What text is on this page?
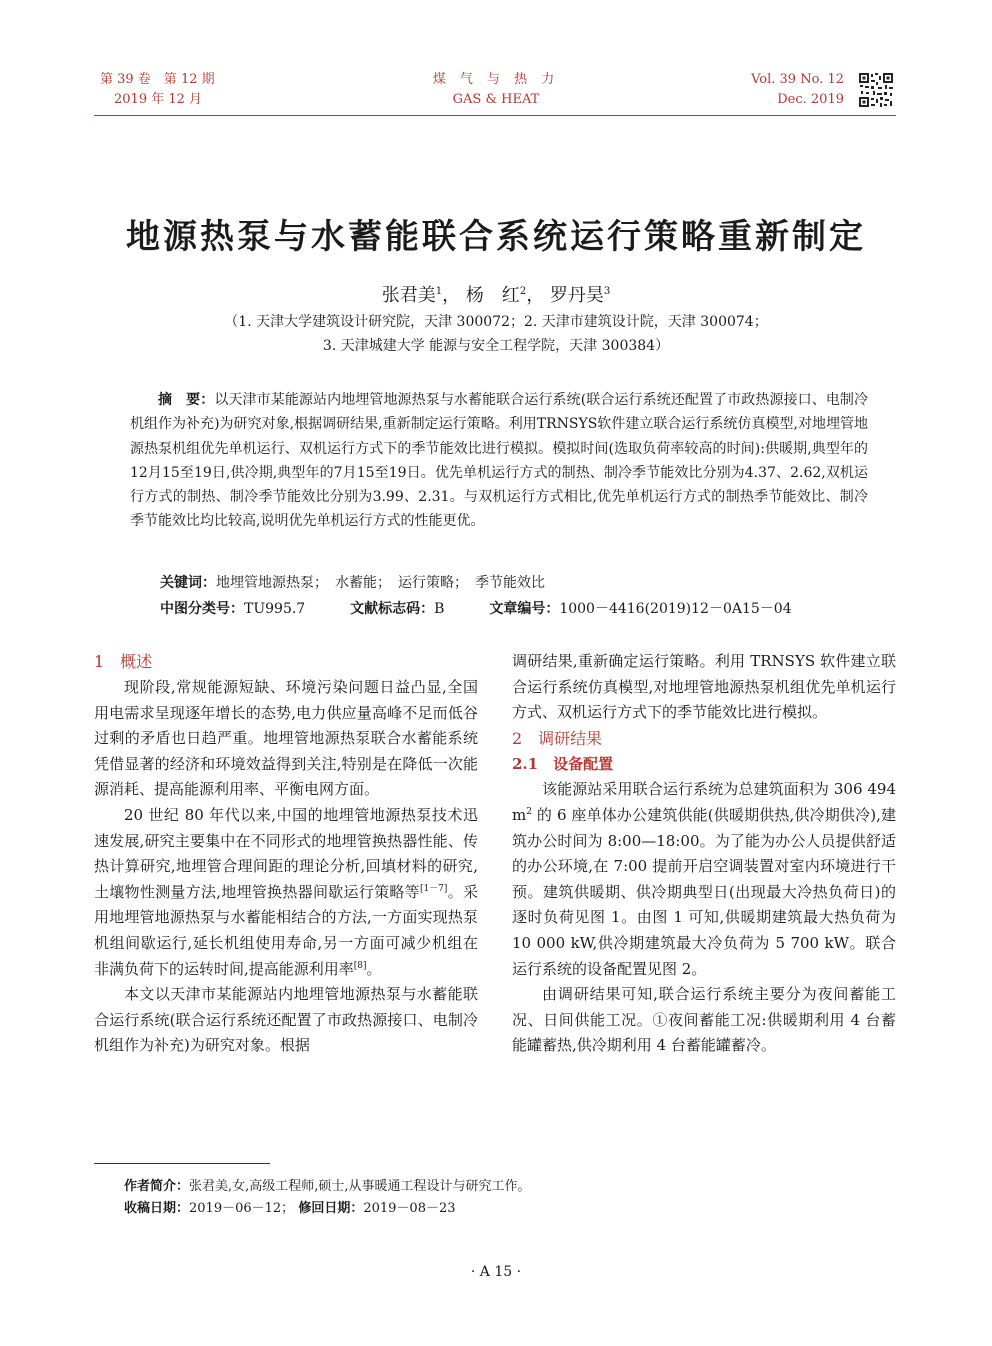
第 39 卷　第 12 期
2019 年 12 月
煤 气 与 热 力
GAS & HEAT
Vol. 39 No. 12
Dec. 2019
地源热泵与水蓄能联合系统运行策略重新制定
张君美$^1$， 杨　红$^2$， 罗丹昊$^3$
（1. 天津大学建筑设计研究院，天津 300072；2. 天津市建筑设计院，天津 300074；
3. 天津城建大学 能源与安全工程学院，天津 300384）
摘　要：以天津市某能源站内地埋管地源热泵与水蓄能联合运行系统(联合运行系统还配置了市政热源接口、电制冷机组作为补充)为研究对象,根据调研结果,重新制定运行策略。利用TRNSYS软件建立联合运行系统仿真模型,对地埋管地源热泵机组优先单机运行、双机运行方式下的季节能效比进行模拟。模拟时间(选取负荷率较高的时间):供暖期,典型年的12月15至19日,供冷期,典型年的7月15至19日。优先单机运行方式的制热、制冷季节能效比分别为4.37、2.62,双机运行方式的制热、制冷季节能效比分别为3.99、2.31。与双机运行方式相比,优先单机运行方式的制热季节能效比、制冷季节能效比均比较高,说明优先单机运行方式的性能更优。
关键词：地埋管地源热泵；　水蓄能；　运行策略；　季节能效比
中图分类号：TU995.7	文献标志码：B	文章编号：1000－4416(2019)12－0A15－04
1　概述

现阶段,常规能源短缺、环境污染问题日益凸显,全国用电需求呈现逐年增长的态势,电力供应量高峰不足而低谷过剩的矛盾也日趋严重。地埋管地源热泵联合水蓄能系统凭借显著的经济和环境效益得到关注,特别是在降低一次能源消耗、提高能源利用率、平衡电网方面。

20 世纪 80 年代以来,中国的地埋管地源热泵技术迅速发展,研究主要集中在不同形式的地埋管换热器性能、传热计算研究,地埋管合理间距的理论分析,回填材料的研究,土壤物性测量方法,地埋管换热器间歇运行策略等[1－7]。采用地埋管地源热泵与水蓄能相结合的方法,一方面实现热泵机组间歇运行,延长机组使用寿命,另一方面可减少机组在非满负荷下的运转时间,提高能源利用率[8]。

本文以天津市某能源站内地埋管地源热泵与水蓄能联合运行系统(联合运行系统还配置了市政热源接口、电制冷机组作为补充)为研究对象。根据

调研结果,重新确定运行策略。利用 TRNSYS 软件建立联合运行系统仿真模型,对地埋管地源热泵机组优先单机运行方式、双机运行方式下的季节能效比进行模拟。

2　调研结果
2.1　设备配置

该能源站采用联合运行系统为总建筑面积为 306 494 $m^2$ 的 6 座单体办公建筑供能(供暖期供热,供冷期供冷),建筑办公时间为 8:00—18:00。为了能为办公人员提供舒适的办公环境,在 7:00 提前开启空调装置对室内环境进行干预。建筑供暖期、供冷期典型日(出现最大冷热负荷日)的逐时负荷见图 1。由图 1 可知,供暖期建筑最大热负荷为10 000 kW,供冷期建筑最大冷负荷为 5 700 kW。联合运行系统的设备配置见图 2。

由调研结果可知,联合运行系统主要分为夜间蓄能工况、日间供能工况。①夜间蓄能工况:供暖期利用 4 台蓄能罐蓄热,供冷期利用 4 台蓄能罐蓄冷。

作者简介：张君美,女,高级工程师,硕士,从事暖通工程设计与研究工作。
收稿日期：2019－06－12； 修回日期：2019－08－23
· A 15 ·
